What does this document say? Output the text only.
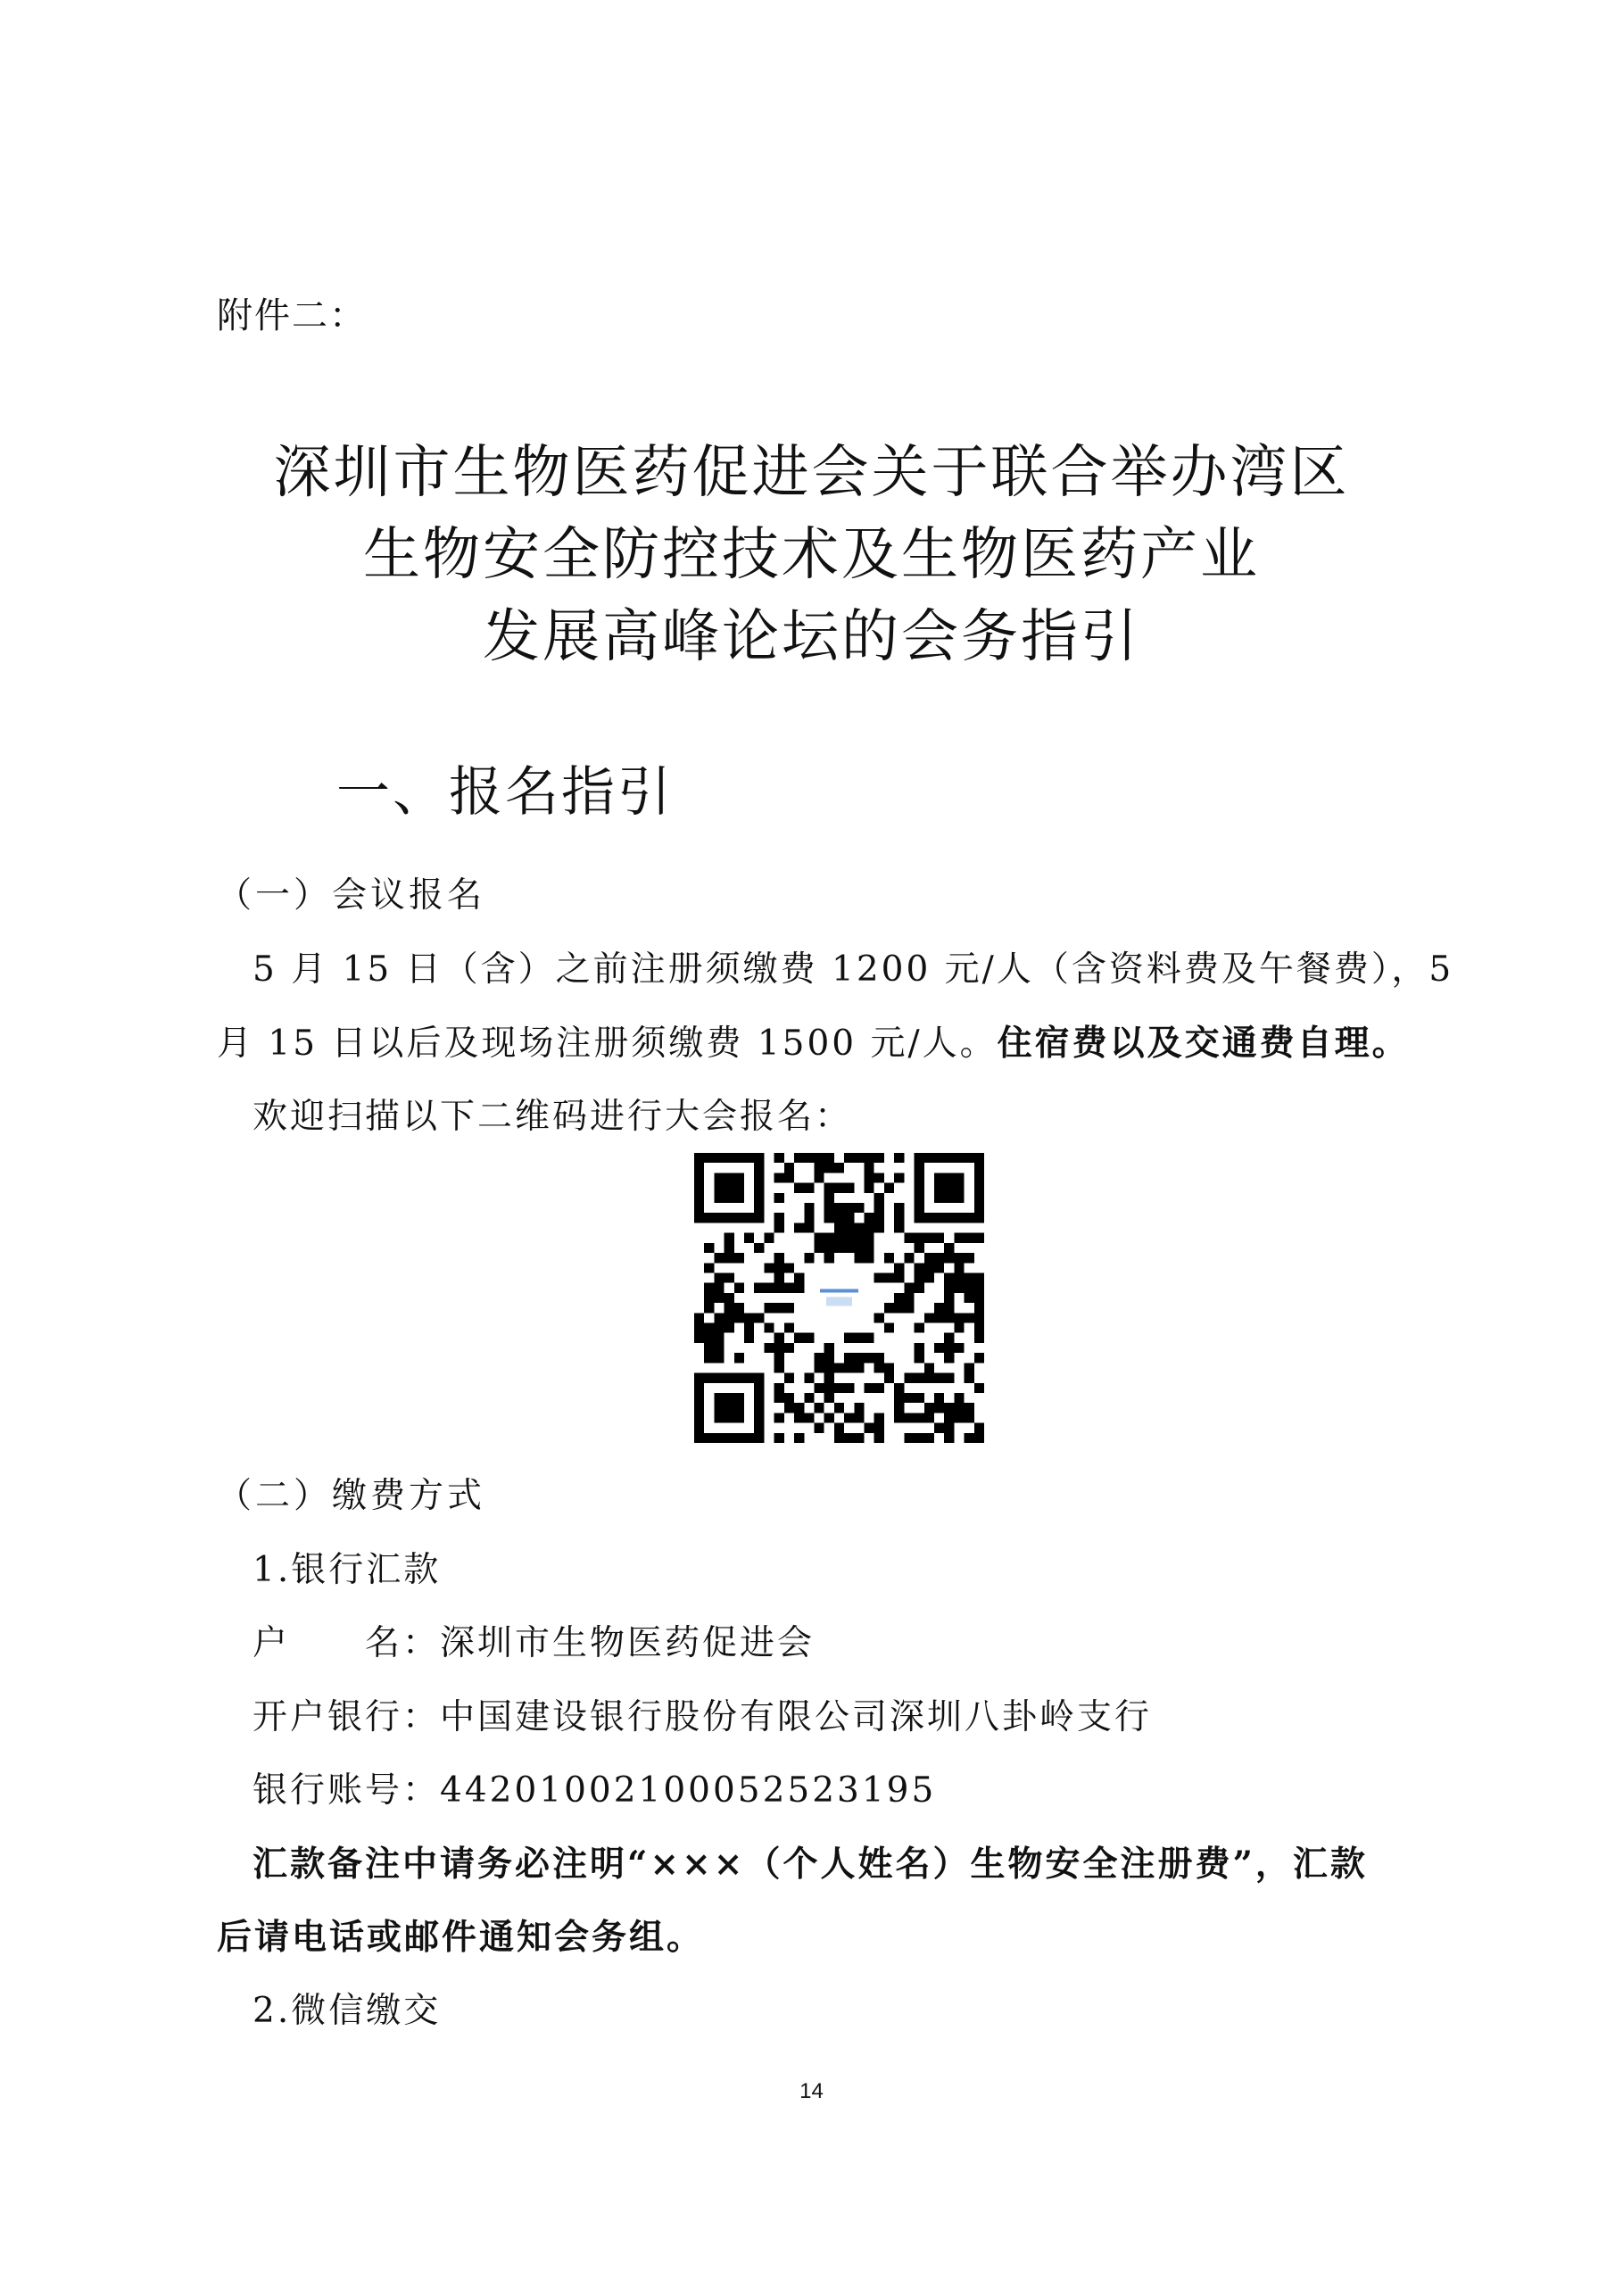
附件二：
深圳市生物医药促进会关于联合举办湾区
生物安全防控技术及生物医药产业
发展高峰论坛的会务指引
一、报名指引
（一）会议报名
5 月 15 日（含）之前注册须缴费 1200 元/人（含资料费及午餐费），5
月 15 日以后及现场注册须缴费 1500 元/人。住宿费以及交通费自理。
欢迎扫描以下二维码进行大会报名：
（二）缴费方式
1.银行汇款
户　　名：深圳市生物医药促进会
开户银行：中国建设银行股份有限公司深圳八卦岭支行
银行账号：44201002100052523195
汇款备注中请务必注明“×××（个人姓名）生物安全注册费”，汇款
后请电话或邮件通知会务组。
2.微信缴交
14
